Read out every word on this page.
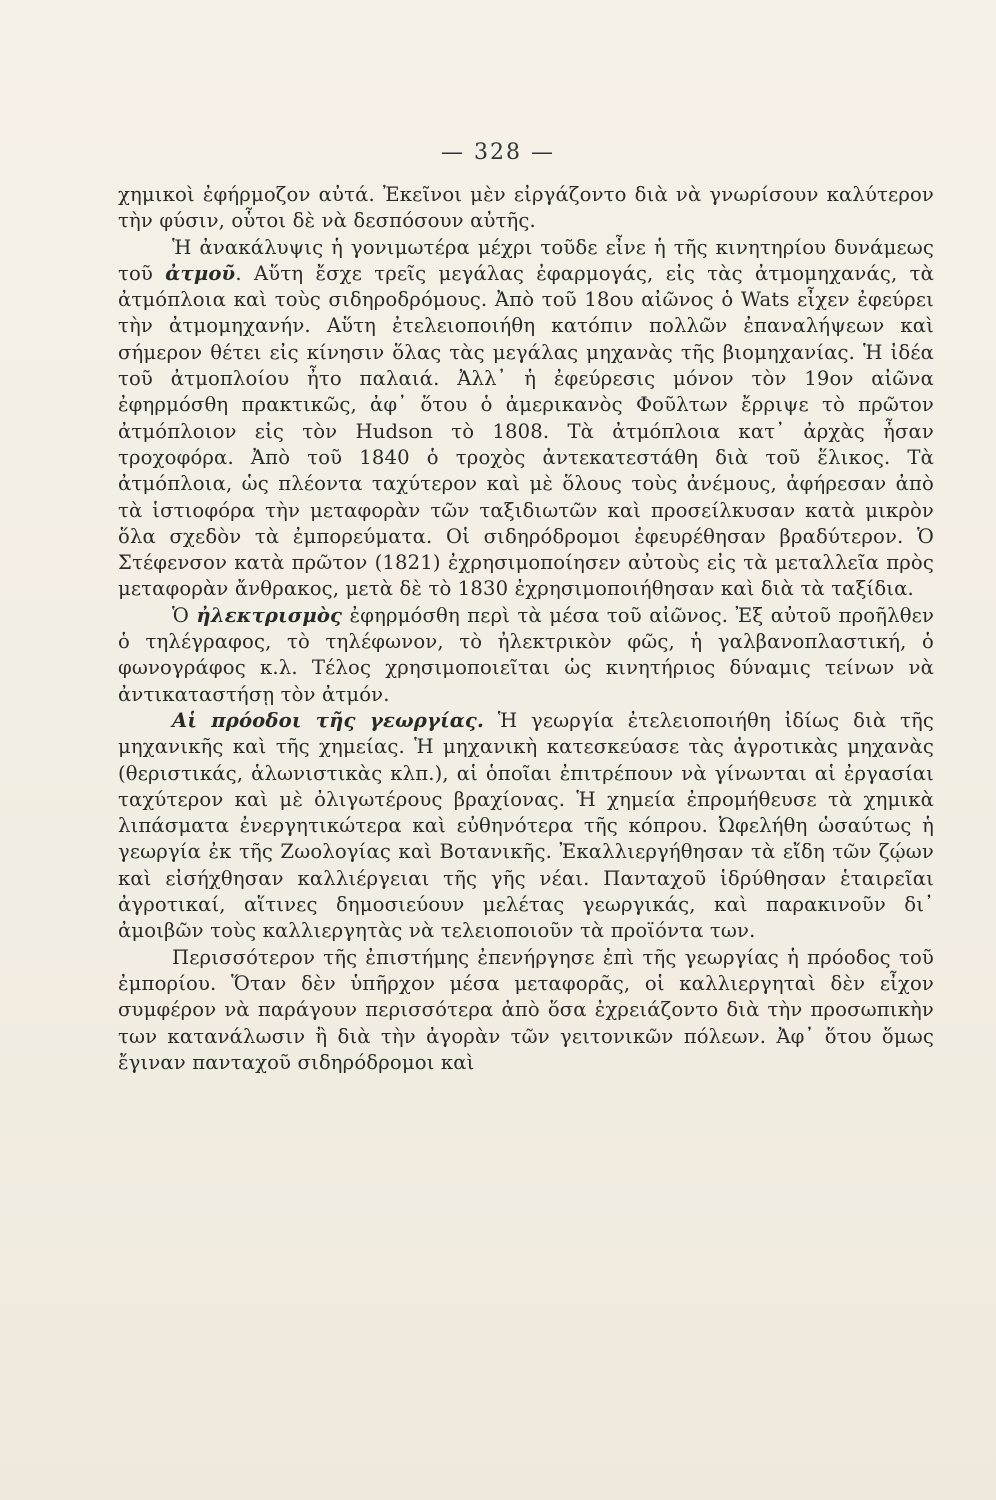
— 328 —

χημικοὶ ἐφήρμοζον αὐτά. Ἐκεῖνοι μὲν εἰργάζοντο διὰ νὰ γνωρίσουν καλύτερον τὴν φύσιν, οὗτοι δὲ νὰ δεσπόσουν αὐτῆς.

Ἡ ἀνακάλυψις ἡ γονιμωτέρα μέχρι τοῦδε εἶνε ἡ τῆς κινητηρίου δυνάμεως τοῦ ἀτμοῦ. Αὕτη ἔσχε τρεῖς μεγάλας ἐφαρμογάς, εἰς τὰς ἀτμομηχανάς, τὰ ἀτμόπλοια καὶ τοὺς σιδηροδρόμους. Ἀπὸ τοῦ 18ου αἰῶνος ὁ Wats εἶχεν ἐφεύρει τὴν ἀτμομηχανήν. Αὕτη ἐτελειοποιήθη κατόπιν πολλῶν ἐπαναλήψεων καὶ σήμερον θέτει εἰς κίνησιν ὅλας τὰς μεγάλας μηχανὰς τῆς βιομηχανίας. Ἡ ἰδέα τοῦ ἀτμοπλοίου ἦτο παλαιά. Ἀλλ᾽ ἡ ἐφεύρεσις μόνον τὸν 19ον αἰῶνα ἐφηρμόσθη πρακτικῶς, ἀφ᾽ ὅτου ὁ ἀμερικανὸς Φοῦλτων ἔρριψε τὸ πρῶτον ἀτμόπλοιον εἰς τὸν Hudson τὸ 1808. Τὰ ἀτμόπλοια κατ᾽ ἀρχὰς ἦσαν τροχοφόρα. Ἀπὸ τοῦ 1840 ὁ τροχὸς ἀντεκατεστάθη διὰ τοῦ ἕλικος. Τὰ ἀτμόπλοια, ὡς πλέοντα ταχύτερον καὶ μὲ ὅλους τοὺς ἀνέμους, ἀφήρεσαν ἀπὸ τὰ ἱστιοφόρα τὴν μεταφορὰν τῶν ταξιδιωτῶν καὶ προσείλκυσαν κατὰ μικρὸν ὅλα σχεδὸν τὰ ἐμπορεύματα. Οἱ σιδηρόδρομοι ἐφευρέθησαν βραδύτερον. Ὁ Στέφενσον κατὰ πρῶτον (1821) ἐχρησιμοποίησεν αὐτοὺς εἰς τὰ μεταλλεῖα πρὸς μεταφορὰν ἄνθρακος, μετὰ δὲ τὸ 1830 ἐχρησιμοποιήθησαν καὶ διὰ τὰ ταξίδια.

Ὁ ἠλεκτρισμὸς ἐφηρμόσθη περὶ τὰ μέσα τοῦ αἰῶνος. Ἐξ αὐτοῦ προῆλθεν ὁ τηλέγραφος, τὸ τηλέφωνον, τὸ ἠλεκτρικὸν φῶς, ἡ γαλβανοπλαστική, ὁ φωνογράφος κ.λ. Τέλος χρησιμοποιεῖται ὡς κινητήριος δύναμις τείνων νὰ ἀντικαταστήσῃ τὸν ἀτμόν.

Αἱ πρόοδοι τῆς γεωργίας. Ἡ γεωργία ἐτελειοποιήθη ἰδίως διὰ τῆς μηχανικῆς καὶ τῆς χημείας. Ἡ μηχανικὴ κατεσκεύασε τὰς ἀγροτικὰς μηχανὰς (θεριστικάς, ἁλωνιστικὰς κλπ.), αἱ ὁποῖαι ἐπιτρέπουν νὰ γίνωνται αἱ ἐργασίαι ταχύτερον καὶ μὲ ὀλιγωτέρους βραχίονας. Ἡ χημεία ἐπρομήθευσε τὰ χημικὰ λιπάσματα ἐνεργητικώτερα καὶ εὐθηνότερα τῆς κόπρου. Ὠφελήθη ὡσαύτως ἡ γεωργία ἐκ τῆς Ζωολογίας καὶ Βοτανικῆς. Ἐκαλλιεργήθησαν τὰ εἴδη τῶν ζῴων καὶ εἰσήχθησαν καλλιέργειαι τῆς γῆς νέαι. Πανταχοῦ ἱδρύθησαν ἑταιρεῖαι ἀγροτικαί, αἵτινες δημοσιεύουν μελέτας γεωργικάς, καὶ παρακινοῦν δι᾽ ἀμοιβῶν τοὺς καλλιεργητὰς νὰ τελειοποιοῦν τὰ προϊόντα των.

Περισσότερον τῆς ἐπιστήμης ἐπενήργησε ἐπὶ τῆς γεωργίας ἡ πρόοδος τοῦ ἐμπορίου. Ὅταν δὲν ὑπῆρχον μέσα μεταφορᾶς, οἱ καλλιεργηταὶ δὲν εἶχον συμφέρον νὰ παράγουν περισσότερα ἀπὸ ὅσα ἐχρειάζοντο διὰ τὴν προσωπικὴν των κατανάλωσιν ἢ διὰ τὴν ἀγορὰν τῶν γειτονικῶν πόλεων. Ἀφ᾽ ὅτου ὅμως ἔγιναν πανταχοῦ σιδηρόδρομοι καὶ
